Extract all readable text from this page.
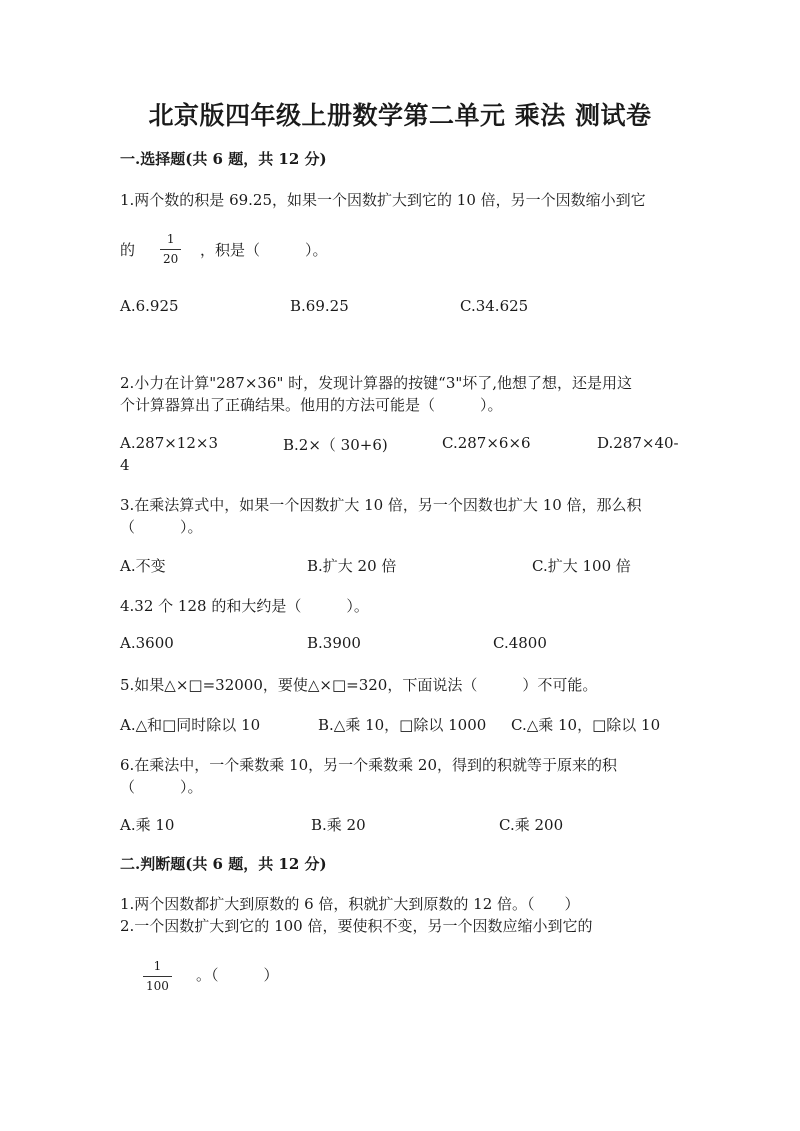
北京版四年级上册数学第二单元 乘法 测试卷
一.选择题(共 6 题，共 12 分)
1.两个数的积是 69.25，如果一个因数扩大到它的 10 倍，另一个因数缩小到它
的
1
20 ，积是（　　　）。
A.6.925	B.69.25	C.34.625
2.小力在计算"287×36" 时，发现计算器的按键“3"坏了,他想了想，还是用这
个计算器算出了正确结果。他用的方法可能是（　　　）。
A.287×12×3	B.2×（ 30+6)	C.287×6×6	D.287×40-
4
3.在乘法算式中，如果一个因数扩大 10 倍，另一个因数也扩大 10 倍，那么积
（　　　）。
A.不变	B.扩大 20 倍	C.扩大 100 倍
4.32 个 128 的和大约是（　　　）。
A.3600	B.3900	C.4800
5.如果△×□=32000，要使△×□=320，下面说法（　　　）不可能。
A.△和□同时除以 10	B.△乘 10，□除以 1000 C.△乘 10，□除以 10
6.在乘法中，一个乘数乘 10，另一个乘数乘 20，得到的积就等于原来的积
（　　　）。
A.乘 10	B.乘 20	C.乘 200
二.判断题(共 6 题，共 12 分)
1.两个因数都扩大到原数的 6 倍，积就扩大到原数的 12 倍。（　　）
2.一个因数扩大到它的 100 倍，要使积不变，另一个因数应缩小到它的
1
100
。（　　　）
